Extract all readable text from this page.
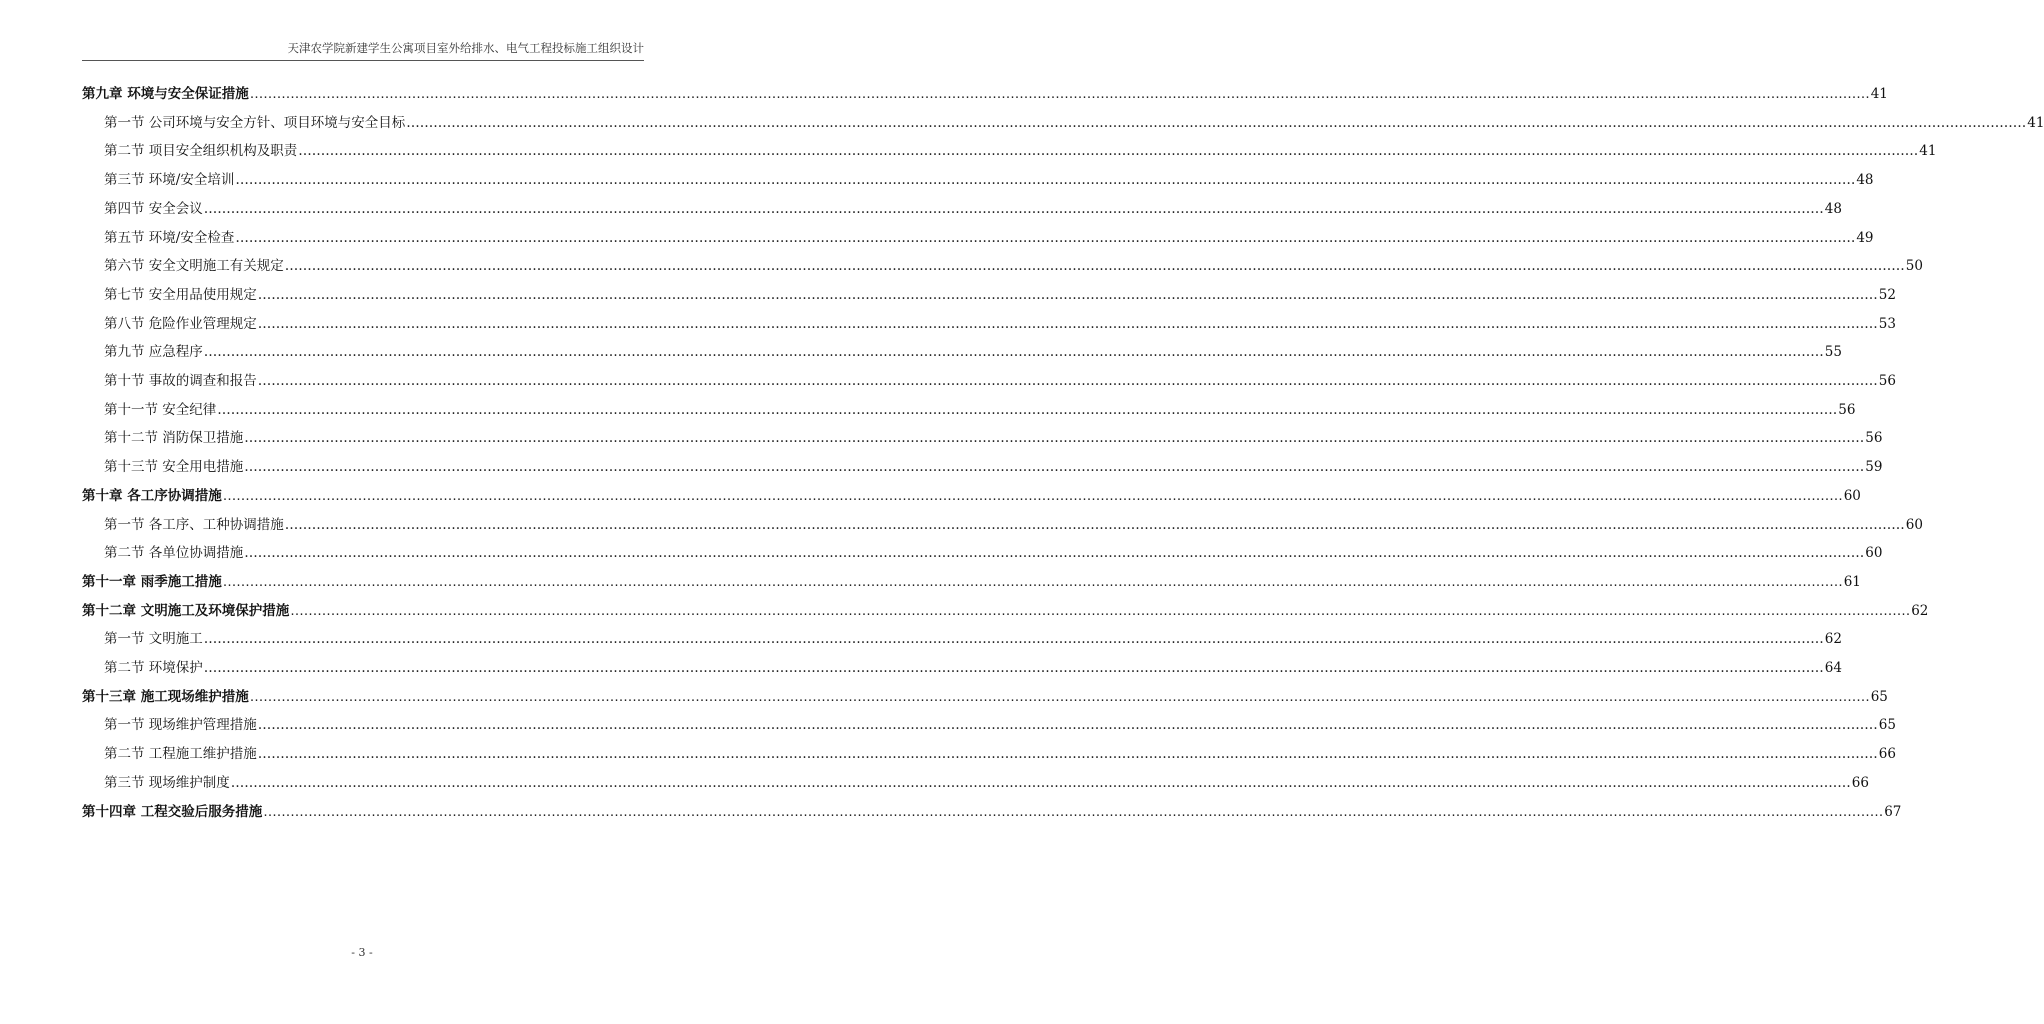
天津农学院新建学生公寓项目室外给排水、电气工程投标施工组织设计
第九章 环境与安全保证措施 ……………………………………………………………………………………………………………………………………………………………………………………………………………………………………………………………………………………………………………………………… 41
第一节 公司环境与安全方针、项目环境与安全目标 ……………………………………………………………………………………………………………………………………………………………………………………………………………………………………………………………………………………………………………………………… 41
第二节 项目安全组织机构及职责 ……………………………………………………………………………………………………………………………………………………………………………………………………………………………………………………………………………………………………………………………… 41
第三节 环境/安全培训 ……………………………………………………………………………………………………………………………………………………………………………………………………………………………………………………………………………………………………………………………… 48
第四节 安全会议 ……………………………………………………………………………………………………………………………………………………………………………………………………………………………………………………………………………………………………………………………… 48
第五节 环境/安全检查 ……………………………………………………………………………………………………………………………………………………………………………………………………………………………………………………………………………………………………………………………… 49
第六节 安全文明施工有关规定 ……………………………………………………………………………………………………………………………………………………………………………………………………………………………………………………………………………………………………………………………… 50
第七节 安全用品使用规定 ……………………………………………………………………………………………………………………………………………………………………………………………………………………………………………………………………………………………………………………………… 52
第八节 危险作业管理规定 ……………………………………………………………………………………………………………………………………………………………………………………………………………………………………………………………………………………………………………………………… 53
第九节 应急程序 ……………………………………………………………………………………………………………………………………………………………………………………………………………………………………………………………………………………………………………………………… 55
第十节 事故的调查和报告 ……………………………………………………………………………………………………………………………………………………………………………………………………………………………………………………………………………………………………………………………… 56
第十一节 安全纪律 ……………………………………………………………………………………………………………………………………………………………………………………………………………………………………………………………………………………………………………………………… 56
第十二节 消防保卫措施 ……………………………………………………………………………………………………………………………………………………………………………………………………………………………………………………………………………………………………………………………… 56
第十三节 安全用电措施 ……………………………………………………………………………………………………………………………………………………………………………………………………………………………………………………………………………………………………………………………… 59
第十章 各工序协调措施 ……………………………………………………………………………………………………………………………………………………………………………………………………………………………………………………………………………………………………………………………… 60
第一节 各工序、工种协调措施 ……………………………………………………………………………………………………………………………………………………………………………………………………………………………………………………………………………………………………………………………… 60
第二节 各单位协调措施 ……………………………………………………………………………………………………………………………………………………………………………………………………………………………………………………………………………………………………………………………… 60
第十一章 雨季施工措施 ……………………………………………………………………………………………………………………………………………………………………………………………………………………………………………………………………………………………………………………………… 61
第十二章 文明施工及环境保护措施 ……………………………………………………………………………………………………………………………………………………………………………………………………………………………………………………………………………………………………………………………… 62
第一节 文明施工 ……………………………………………………………………………………………………………………………………………………………………………………………………………………………………………………………………………………………………………………………… 62
第二节 环境保护 ……………………………………………………………………………………………………………………………………………………………………………………………………………………………………………………………………………………………………………………………… 64
第十三章 施工现场维护措施 ……………………………………………………………………………………………………………………………………………………………………………………………………………………………………………………………………………………………………………………………… 65
第一节 现场维护管理措施 ……………………………………………………………………………………………………………………………………………………………………………………………………………………………………………………………………………………………………………………………… 65
第二节 工程施工维护措施 ……………………………………………………………………………………………………………………………………………………………………………………………………………………………………………………………………………………………………………………………… 66
第三节 现场维护制度 ……………………………………………………………………………………………………………………………………………………………………………………………………………………………………………………………………………………………………………………………… 66
第十四章 工程交验后服务措施 ……………………………………………………………………………………………………………………………………………………………………………………………………………………………………………………………………………………………………………………………… 67
- 3 -
